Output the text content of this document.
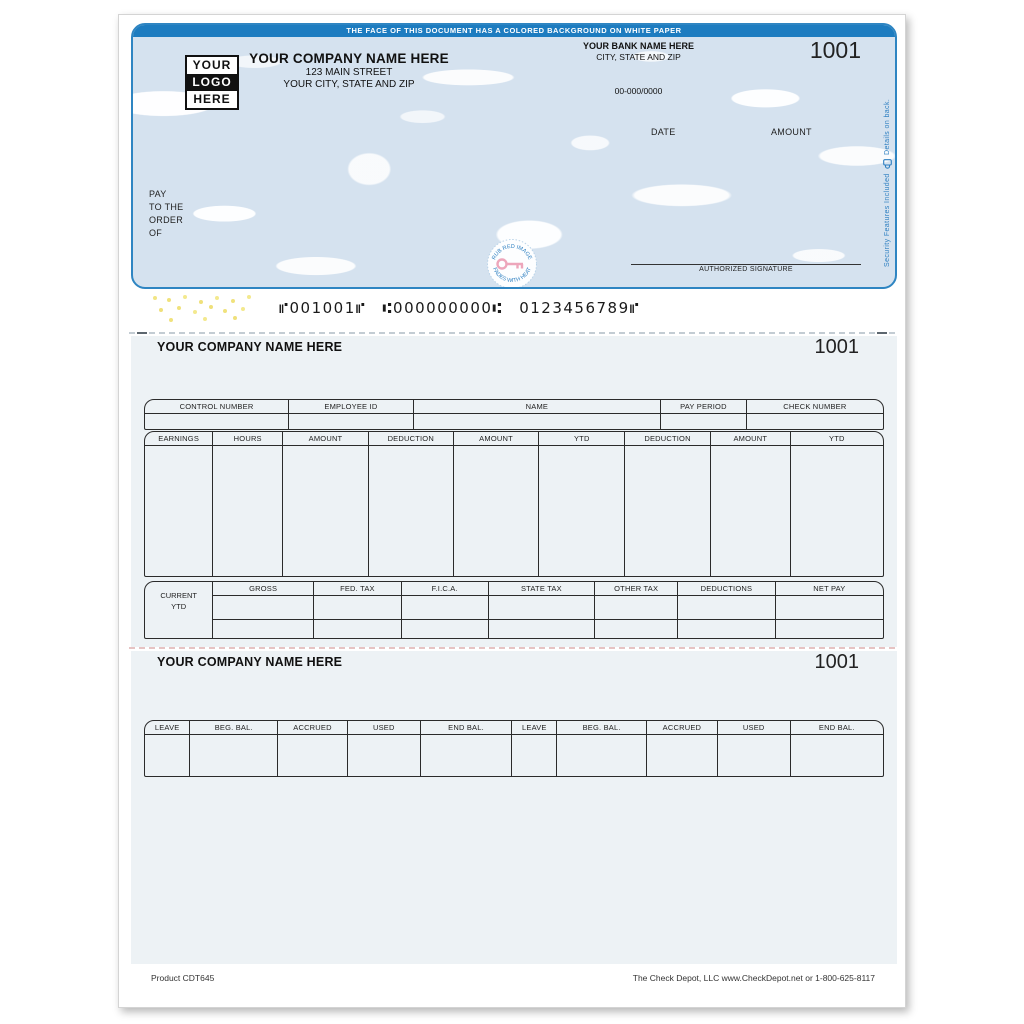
THE FACE OF THIS DOCUMENT HAS A COLORED BACKGROUND ON WHITE PAPER
YOUR
LOGO
HERE
YOUR COMPANY NAME HERE
123 MAIN STREET
YOUR CITY, STATE AND ZIP
YOUR BANK NAME HERE
CITY, STATE AND ZIP
00-000/0000
1001
DATE	AMOUNT
PAY
TO THE
ORDER
OF
RUB RED IMAGE
FADES WITH HEAT	AUTHORIZED SIGNATURE
Security Features Included
Details on back.
⑈001001⑈ ⑆000000000⑆ 0123456789⑈
YOUR COMPANY NAME HERE	1001
CONTROL NUMBER	EMPLOYEE ID	NAME	PAY PERIOD	CHECK NUMBER

EARNINGS	HOURS	AMOUNT	DEDUCTION	AMOUNT	YTD	DEDUCTION	AMOUNT	YTD

CURRENT
YTD	GROSS	FED. TAX	F.I.C.A.	STATE TAX	OTHER TAX	DEDUCTIONS	NET PAY

YOUR COMPANY NAME HERE	1001
LEAVE	BEG. BAL.	ACCRUED	USED	END BAL.	LEAVE	BEG. BAL.	ACCRUED	USED	END BAL.

Product CDT645	The Check Depot, LLC www.CheckDepot.net or 1-800-625-8117
